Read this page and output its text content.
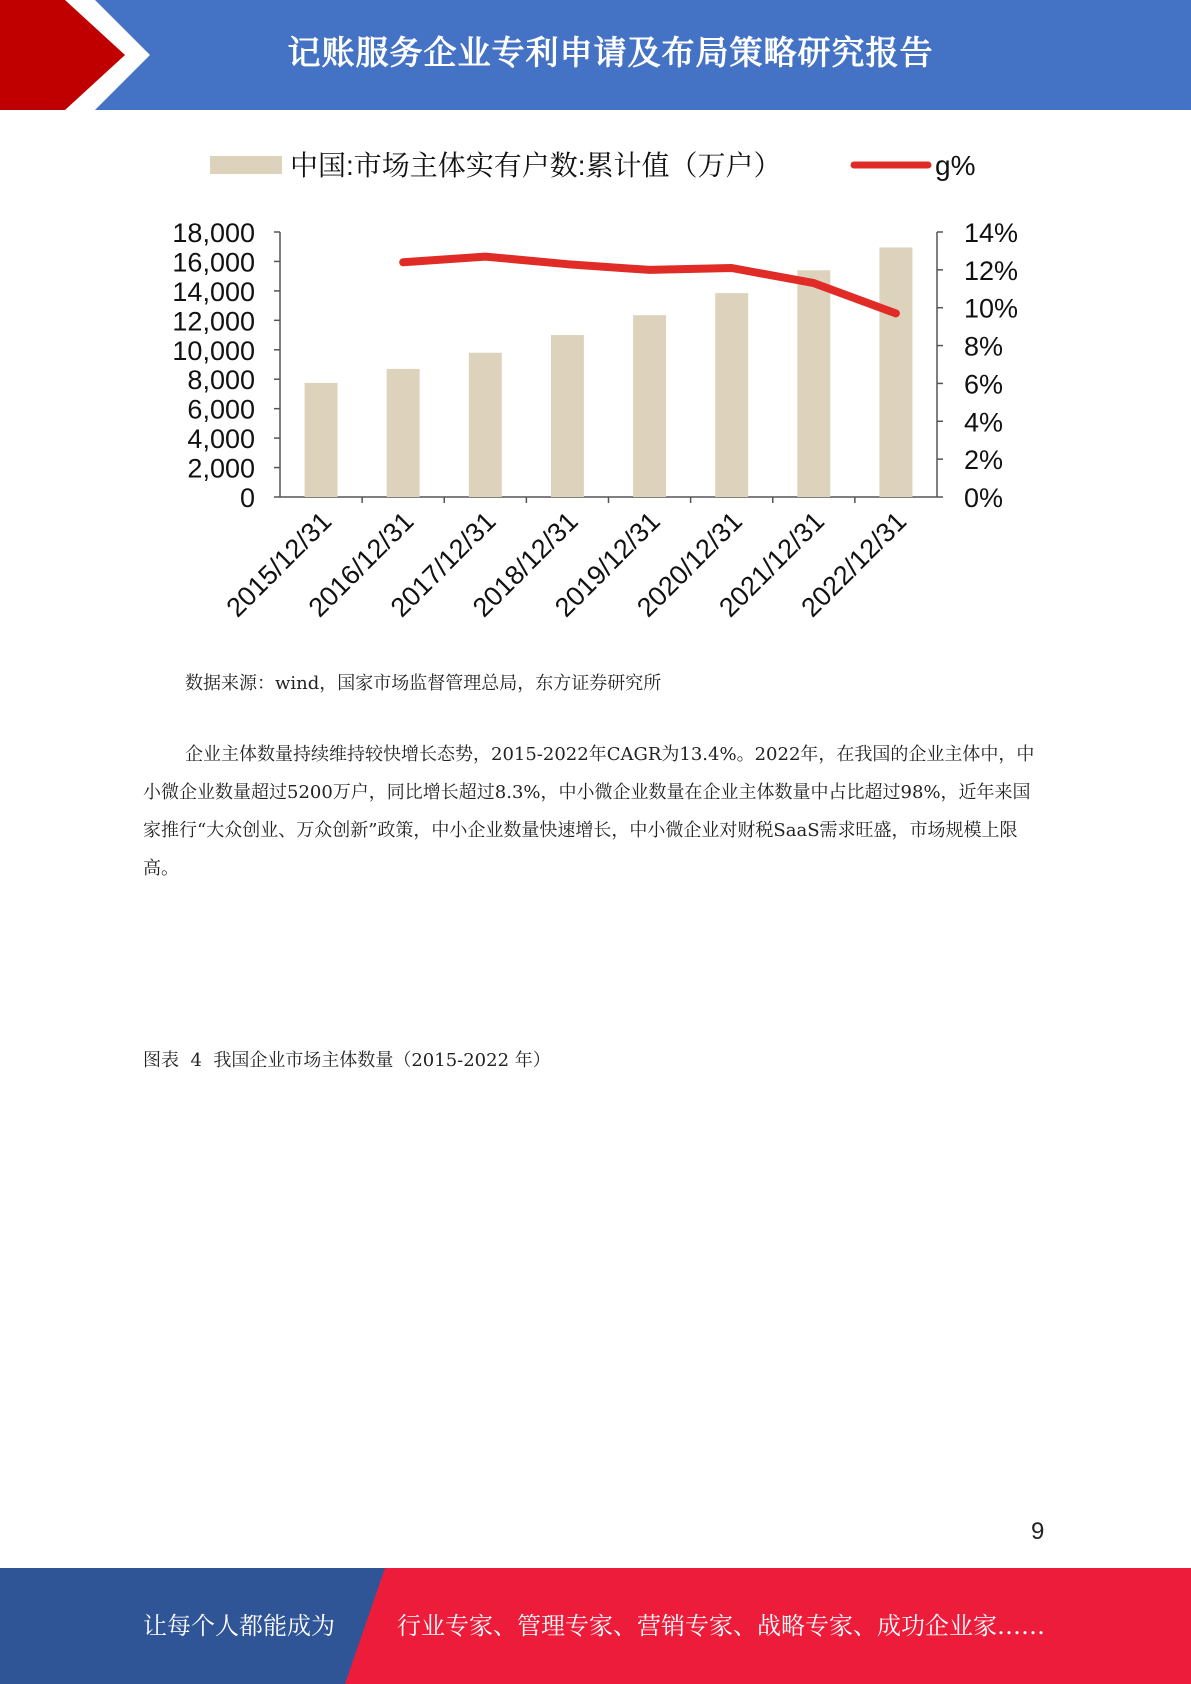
记账服务企业专利申请及布局策略研究报告
中国:市场主体实有户数:累计值（万户）	g%
0
2,000
4,000
6,000
8,000
10,000
12,000
14,000
16,000
18,000
0%
2%
4%
6%
8%
10%
12%
14%
2015/12/31
2016/12/31
2017/12/31
2018/12/31
2019/12/31
2020/12/31
2021/12/31
2022/12/31
数据来源：wind，国家市场监督管理总局，东方证券研究所

企业主体数量持续维持较快增长态势，2015-2022年CAGR为13.4%。2022年，在我国的企业主体中，中小微企业数量超过5200万户，同比增长超过8.3%，中小微企业数量在企业主体数量中占比超过98%，近年来国家推行“大众创业、万众创新”政策，中小企业数量快速增长，中小微企业对财税SaaS需求旺盛，市场规模上限高。

图表  4  我国企业市场主体数量（2015-2022 年）
9
让每个人都能成为	行业专家、管理专家、营销专家、战略专家、成功企业家……
